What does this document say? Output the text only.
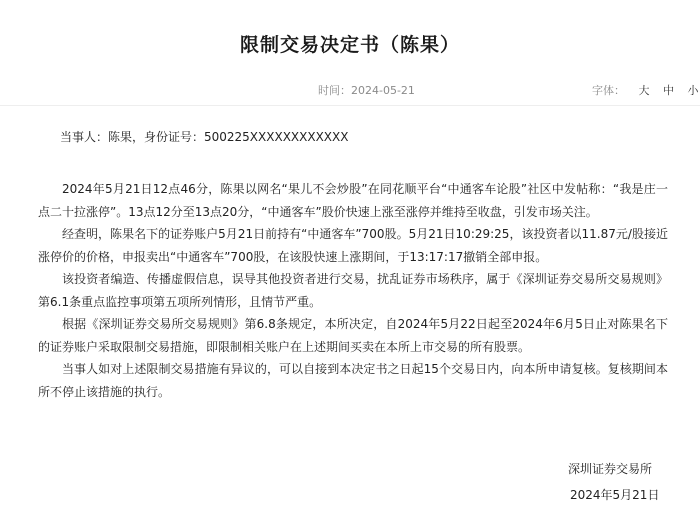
限制交易决定书（陈果）
时间：2024-05-21	字体： 大 中 小
当事人：陈果，身份证号：500225XXXXXXXXXXXX

2024年5月21日12点46分，陈果以网名“果儿不会炒股”在同花顺平台“中通客车论股”社区中发帖称：“我是庄一点二十拉涨停”。13点12分至13点20分，“中通客车”股价快速上涨至涨停并维持至收盘，引发市场关注。

经查明，陈果名下的证券账户5月21日前持有“中通客车”700股。5月21日10:29:25，该投资者以11.87元/股接近涨停价的价格，申报卖出“中通客车”700股，在该股快速上涨期间，于13:17:17撤销全部申报。

该投资者编造、传播虚假信息，误导其他投资者进行交易，扰乱证券市场秩序，属于《深圳证券交易所交易规则》第6.1条重点监控事项第五项所列情形，且情节严重。

根据《深圳证券交易所交易规则》第6.8条规定，本所决定，自2024年5月22日起至2024年6月5日止对陈果名下的证券账户采取限制交易措施，即限制相关账户在上述期间买卖在本所上市交易的所有股票。

当事人如对上述限制交易措施有异议的，可以自接到本决定书之日起15个交易日内，向本所申请复核。复核期间本所不停止该措施的执行。

深圳证券交易所
2024年5月21日
